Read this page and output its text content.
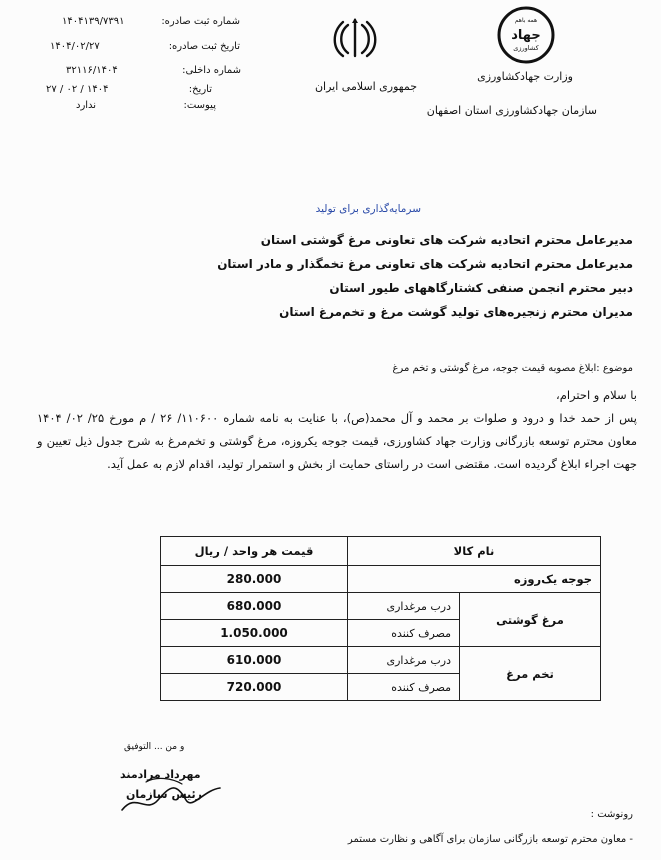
شماره ثبت صادره:
۱۴۰۴۱۳۹/۷۳۹۱
تاریخ ثبت صادره:
۱۴۰۴/۰۲/۲۷
شماره داخلی:
۳۲۱۱۶/۱۴۰۴
تاریخ:
۱۴۰۴ / ۰۲ / ۲۷
پیوست:
ندارد
همه باهم
جهاد
کشاورزی
جمهوری اسلامی ایران
وزارت جهادکشاورزی
سازمان جهادکشاورزی استان اصفهان
سرمایه‌گذاری برای تولید
مدیرعامل محترم اتحادیه شرکت های تعاونی مرغ گوشتی استان
مدیرعامل محترم اتحادیه شرکت های تعاونی مرغ تخمگذار و مادر استان
دبیر محترم انجمن صنفی کشتارگاههای طیور استان
مدیران محترم زنجیره‌های تولید گوشت مرغ و تخم‌مرغ استان
موضوع :ابلاغ مصوبه قیمت جوجه، مرغ گوشتی و تخم مرغ
با سلام و احترام،
پس از حمد خدا و درود و صلوات بر محمد و آل محمد(ص)، با عنایت به نامه شماره ۱۱۰۶۰۰/ ۲۶ / م مورخ ۲۵/ ۰۲/ ۱۴۰۴ معاون محترم توسعه بازرگانی وزارت جهاد کشاورزی، قیمت جوجه یکروزه، مرغ گوشتی و تخم‌مرغ به شرح جدول ذیل تعیین و جهت اجراء ابلاغ گردیده است. مقتضی است در راستای حمایت از بخش و استمرار تولید، اقدام لازم به عمل آید.
نام کالا		قیمت هر واحد / ریال
جوجه یک‌روزه		280.000
مرغ گوشتی	درب مرغداری	680.000
	مصرف کننده	1.050.000
تخم مرغ	درب مرغداری	610.000
	مصرف کننده	720.000
و من ... التوفیق
مهرداد مرادمند
رئیس سازمان
رونوشت :
- معاون محترم توسعه بازرگانی سازمان برای آگاهی و نظارت مستمر
